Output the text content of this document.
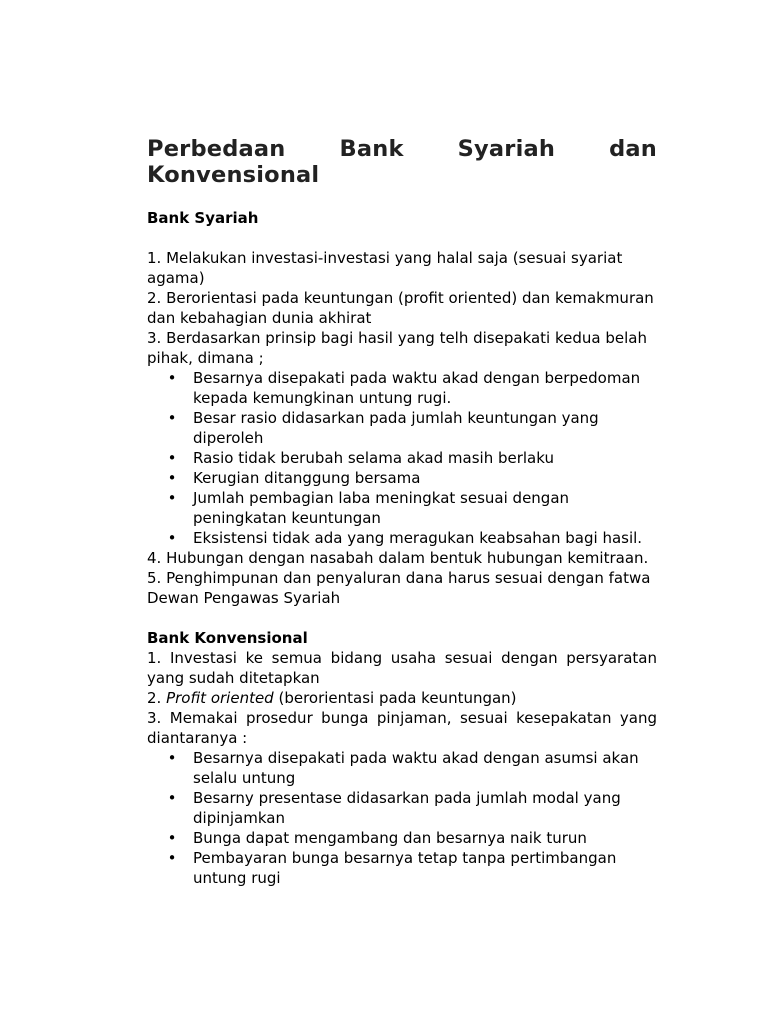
Perbedaan Bank Syariah dan Konvensional
Bank Syariah

1. Melakukan investasi-investasi yang halal saja (sesuai syariat agama)

2. Berorientasi pada keuntungan (profit oriented) dan kemakmuran dan kebahagian dunia akhirat

3. Berdasarkan prinsip bagi hasil yang telh disepakati kedua belah pihak, dimana ;

• Besarnya disepakati pada waktu akad dengan berpedoman kepada kemungkinan untung rugi.
• Besar rasio didasarkan pada jumlah keuntungan yang diperoleh
• Rasio tidak berubah selama akad masih berlaku
• Kerugian ditanggung bersama
• Jumlah pembagian laba meningkat sesuai dengan peningkatan keuntungan
• Eksistensi tidak ada yang meragukan keabsahan bagi hasil.

4. Hubungan dengan nasabah dalam bentuk hubungan kemitraan.

5. Penghimpunan dan penyaluran dana harus sesuai dengan fatwa Dewan Pengawas Syariah

Bank Konvensional

1. Investasi ke semua bidang usaha sesuai dengan persyaratan yang sudah ditetapkan

2. Profit oriented (berorientasi pada keuntungan)

3. Memakai prosedur bunga pinjaman, sesuai kesepakatan yang diantaranya :

• Besarnya disepakati pada waktu akad dengan asumsi akan selalu untung
• Besarny presentase didasarkan pada jumlah modal yang dipinjamkan
• Bunga dapat mengambang dan besarnya naik turun
• Pembayaran bunga besarnya tetap tanpa pertimbangan untung rugi
